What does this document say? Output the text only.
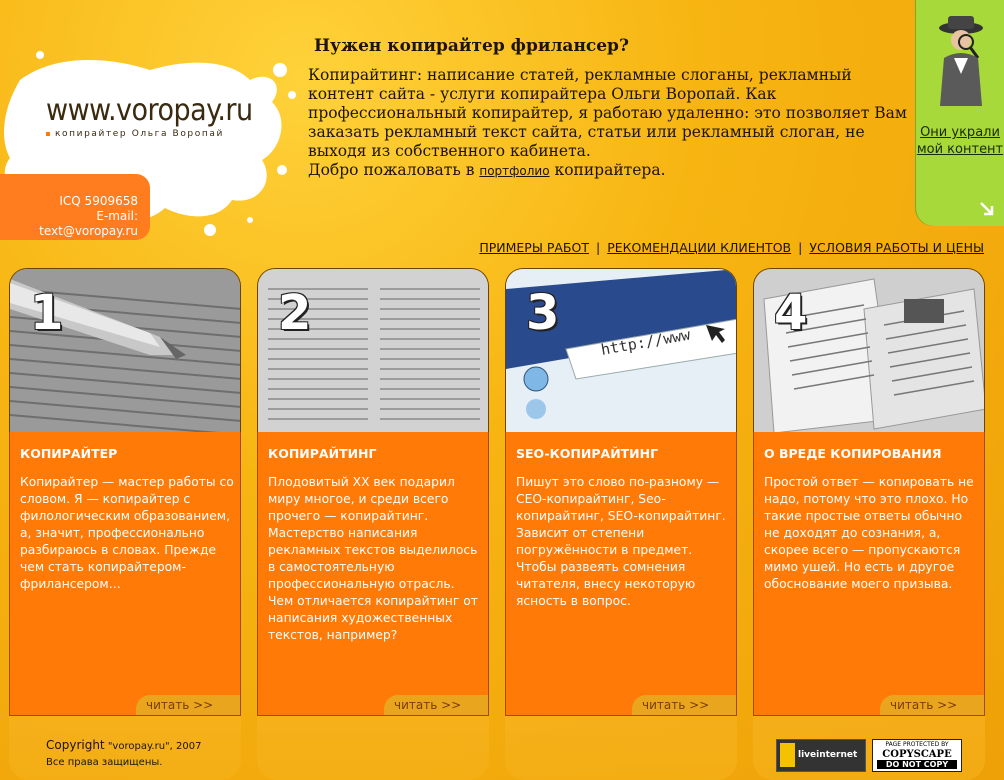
www.voropay.ru
копирайтер Ольга Воропай
ICQ 5909658
E-mail:
text@voropay.ru
Нужен копирайтер фрилансер?

Копирайтинг: написание статей, рекламные слоганы, рекламный контент сайта - услуги копирайтера Ольги Воропай. Как профессиональный копирайтер, я работаю удаленно: это позволяет Вам заказать рекламный текст сайта, статьи или рекламный слоган, не выходя из собственного кабинета.
Добро пожаловать в портфолио копирайтера.

Они украли мой контент
ПРИМЕРЫ РАБОТ | РЕКОМЕНДАЦИИ КЛИЕНТОВ | УСЛОВИЯ РАБОТЫ И ЦЕНЫ
1
КОПИРАЙТЕР

Копирайтер — мастер работы со словом. Я — копирайтер с филологическим образованием, а, значит, профессионально разбираюсь в словах. Прежде чем стать копирайтером-фрилансером…

читать >>
2
КОПИРАЙТИНГ

Плодовитый XX век подарил миру многое, и среди всего прочего — копирайтинг. Мастерство написания рекламных текстов выделилось в самостоятельную профессиональную отрасль. Чем отличается копирайтинг от написания художественных текстов, например?

читать >>
http://www
3
SEO-КОПИРАЙТИНГ

Пишут это слово по-разному — СЕО-копирайтинг, Seo-копирайтинг, SEO-копирайтинг. Зависит от степени погружённости в предмет. Чтобы развеять сомнения читателя, внесу некоторую ясность в вопрос.

читать >>
4
О ВРЕДЕ КОПИРОВАНИЯ

Простой ответ — копировать не надо, потому что это плохо. Но такие простые ответы обычно не доходят до сознания, а, скорее всего — пропускаются мимо ушей. Но есть и другое обоснование моего призыва.

читать >>
Copyright "voropay.ru", 2007
Все права защищены.
liveinternet
PAGE PROTECTED BY
COPYSCAPE
DO NOT COPY
